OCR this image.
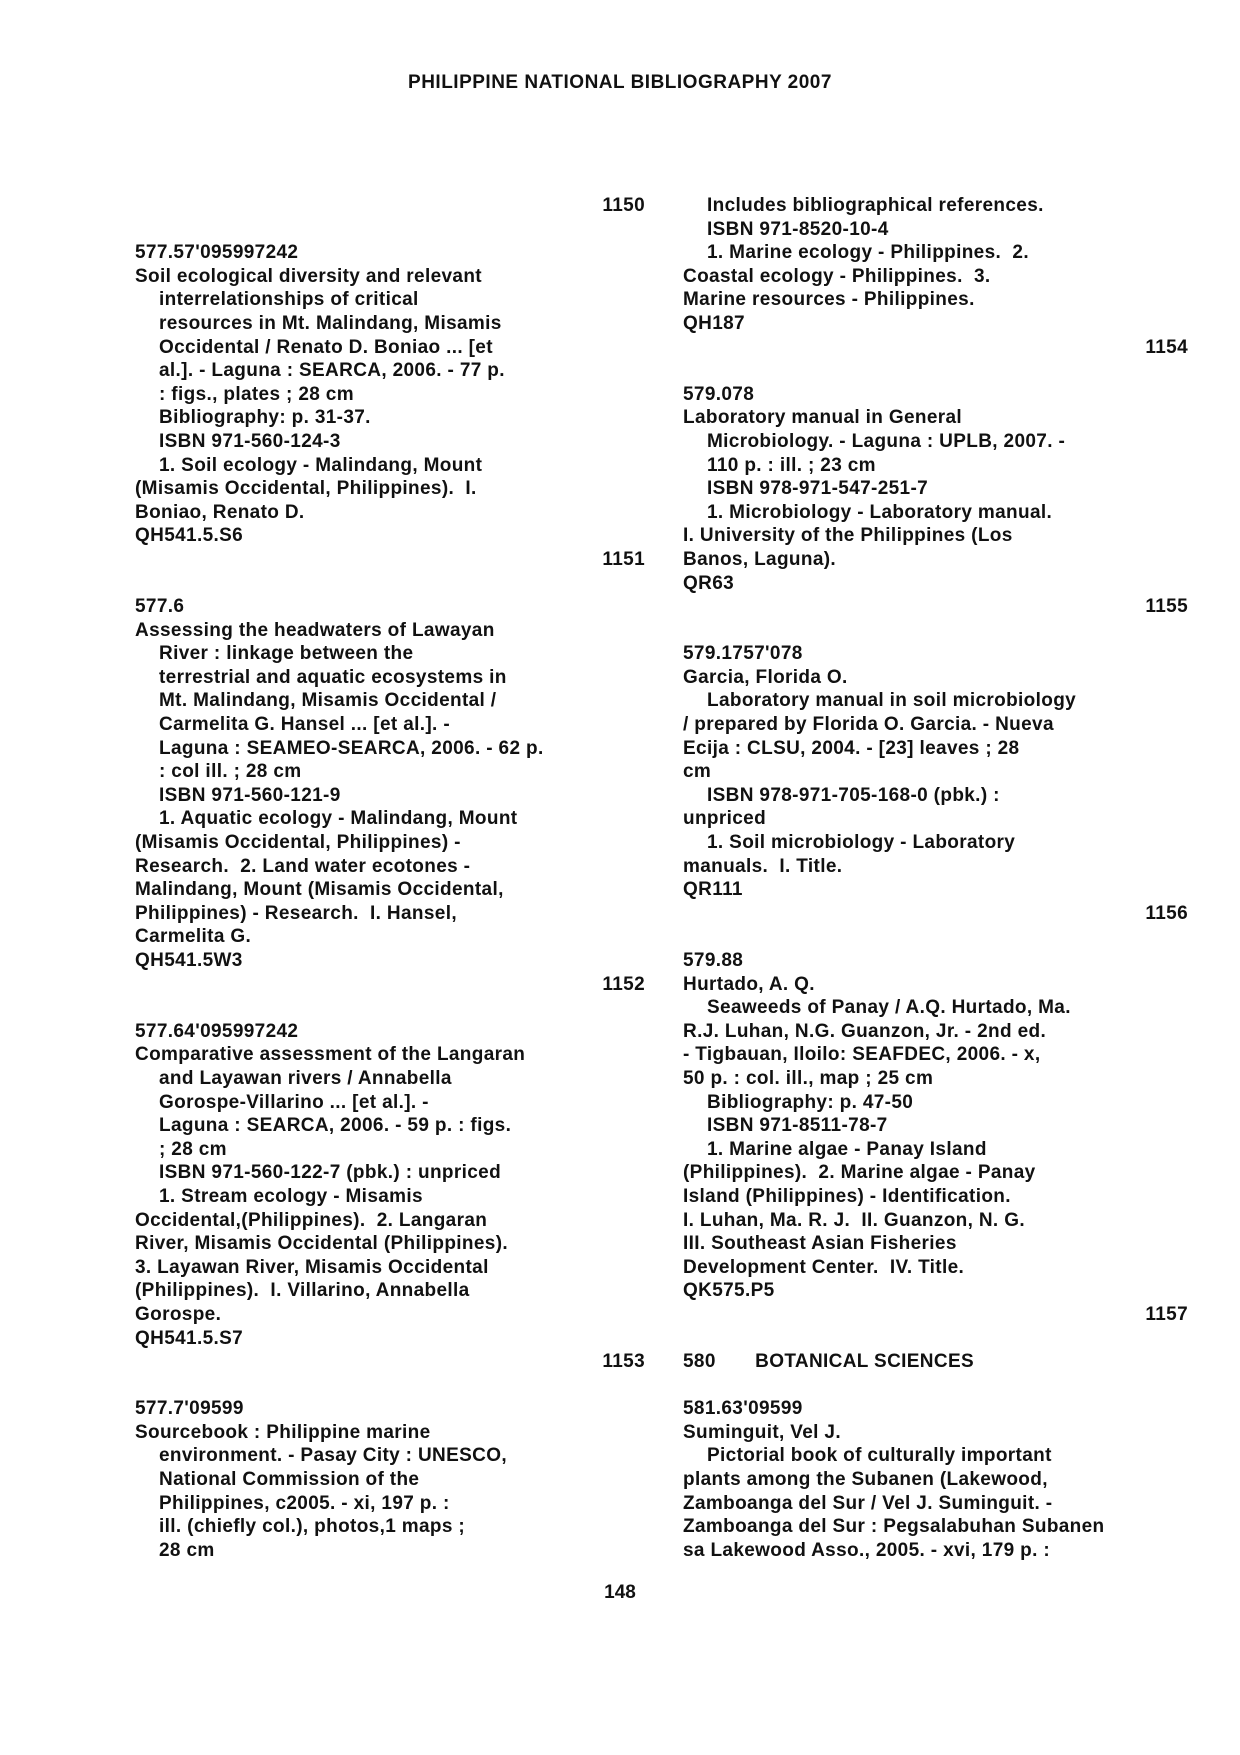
PHILIPPINE NATIONAL BIBLIOGRAPHY 2007
1150
577.57'095997242
Soil ecological diversity and relevant
interrelationships of critical
resources in Mt. Malindang, Misamis
Occidental / Renato D. Boniao ... [et
al.]. - Laguna : SEARCA, 2006. - 77 p.
: figs., plates ; 28 cm
Bibliography: p. 31-37.
ISBN 971-560-124-3
1. Soil ecology - Malindang, Mount
(Misamis Occidental, Philippines).  I.
Boniao, Renato D.
QH541.5.S6
1151
577.6
Assessing the headwaters of Lawayan
River : linkage between the
terrestrial and aquatic ecosystems in
Mt. Malindang, Misamis Occidental /
Carmelita G. Hansel ... [et al.]. -
Laguna : SEAMEO-SEARCA, 2006. - 62 p.
: col ill. ; 28 cm
ISBN 971-560-121-9
1. Aquatic ecology - Malindang, Mount
(Misamis Occidental, Philippines) -
Research.  2. Land water ecotones -
Malindang, Mount (Misamis Occidental,
Philippines) - Research.  I. Hansel,
Carmelita G.
QH541.5W3
1152
577.64'095997242
Comparative assessment of the Langaran
and Layawan rivers / Annabella
Gorospe-Villarino ... [et al.]. -
Laguna : SEARCA, 2006. - 59 p. : figs.
; 28 cm
ISBN 971-560-122-7 (pbk.) : unpriced
1. Stream ecology - Misamis
Occidental,(Philippines).  2. Langaran
River, Misamis Occidental (Philippines).
3. Layawan River, Misamis Occidental
(Philippines).  I. Villarino, Annabella
Gorospe.
QH541.5.S7
1153
577.7'09599
Sourcebook : Philippine marine
environment. - Pasay City : UNESCO,
National Commission of the
Philippines, c2005. - xi, 197 p. :
ill. (chiefly col.), photos,1 maps ;
28 cm
Includes bibliographical references.
ISBN 971-8520-10-4
1. Marine ecology - Philippines.  2.
Coastal ecology - Philippines.  3.
Marine resources - Philippines.
QH187
1154
579.078
Laboratory manual in General
Microbiology. - Laguna : UPLB, 2007. -
110 p. : ill. ; 23 cm
ISBN 978-971-547-251-7
1. Microbiology - Laboratory manual.
I. University of the Philippines (Los
Banos, Laguna).
QR63
1155
579.1757'078
Garcia, Florida O.
Laboratory manual in soil microbiology
/ prepared by Florida O. Garcia. - Nueva
Ecija : CLSU, 2004. - [23] leaves ; 28
cm
ISBN 978-971-705-168-0 (pbk.) :
unpriced
1. Soil microbiology - Laboratory
manuals.  I. Title.
QR111
1156
579.88
Hurtado, A. Q.
Seaweeds of Panay / A.Q. Hurtado, Ma.
R.J. Luhan, N.G. Guanzon, Jr. - 2nd ed.
- Tigbauan, Iloilo: SEAFDEC, 2006. - x,
50 p. : col. ill., map ; 25 cm
Bibliography: p. 47-50
ISBN 971-8511-78-7
1. Marine algae - Panay Island
(Philippines).  2. Marine algae - Panay
Island (Philippines) - Identification.
I. Luhan, Ma. R. J.  II. Guanzon, N. G.
III. Southeast Asian Fisheries
Development Center.  IV. Title.
QK575.P5
1157
580       BOTANICAL SCIENCES
581.63'09599
Suminguit, Vel J.
Pictorial book of culturally important
plants among the Subanen (Lakewood,
Zamboanga del Sur / Vel J. Suminguit. -
Zamboanga del Sur : Pegsalabuhan Subanen
sa Lakewood Asso., 2005. - xvi, 179 p. :
148
